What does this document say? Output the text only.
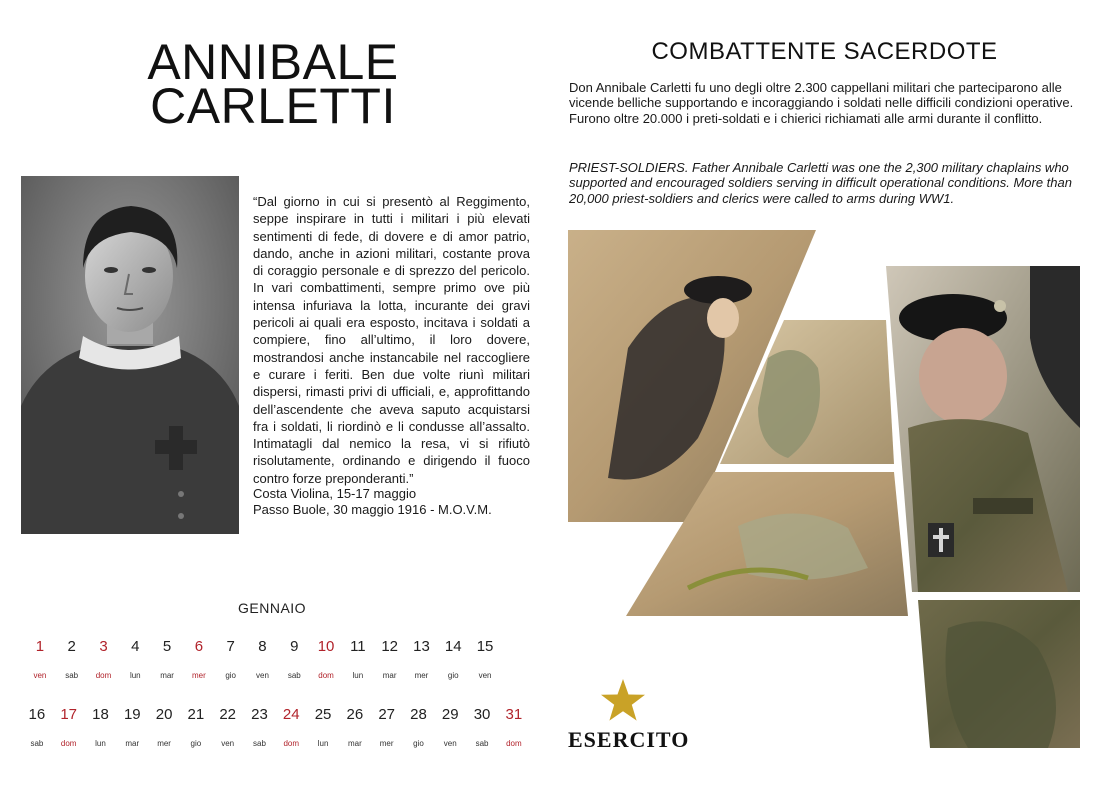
ANNIBALE
CARLETTI
“Dal giorno in cui si presentò al Reggimento, seppe inspirare in tutti i militari i più elevati sentimenti di fede, di dovere e di amor patrio, dando, anche in azioni militari, costante prova di coraggio personale e di sprezzo del pericolo. In vari combattimenti, sempre primo ove più intensa infuriava la lotta, incurante dei gravi pericoli ai quali era esposto, incitava i soldati a compiere, fino all’ultimo, il loro dovere, mostrandosi anche instancabile nel raccogliere e curare i feriti. Ben due volte riunì militari dispersi, rimasti privi di ufficiali, e, approfittando dell’ascendente che aveva saputo acquistarsi fra i soldati, li riordinò e li condusse all’assalto. Intimatagli dal nemico la resa, vi si rifiutò risolutamente, ordinando e dirigendo il fuoco contro forze preponderanti.”
Costa Violina, 15-17 maggio
Passo Buole, 30 maggio 1916 - M.O.V.M.
GENNAIO
1	2	3	4	5	6	7	8	9	10	11	12	13	14	15
ven	sab	dom	lun	mar	mer	gio	ven	sab	dom	lun	mar	mer	gio	ven
16	17	18	19	20	21	22	23	24	25	26	27	28	29	30	31
sab	dom	lun	mar	mer	gio	ven	sab	dom	lun	mar	mer	gio	ven	sab	dom
COMBATTENTE SACERDOTE
Don Annibale Carletti fu uno degli oltre 2.300 cappellani militari che parteciparono alle vicende belliche supportando e incoraggiando i soldati nelle difficili condizioni operative. Furono oltre 20.000 i preti-soldati e i chierici richiamati alle armi durante il conflitto.
PRIEST-SOLDIERS. Father Annibale Carletti was one the 2,300 military chaplains who supported and encouraged soldiers serving in difficult operational conditions. More than 20,000 priest-soldiers and clerics were called to arms during WW1.
ESERCITO
